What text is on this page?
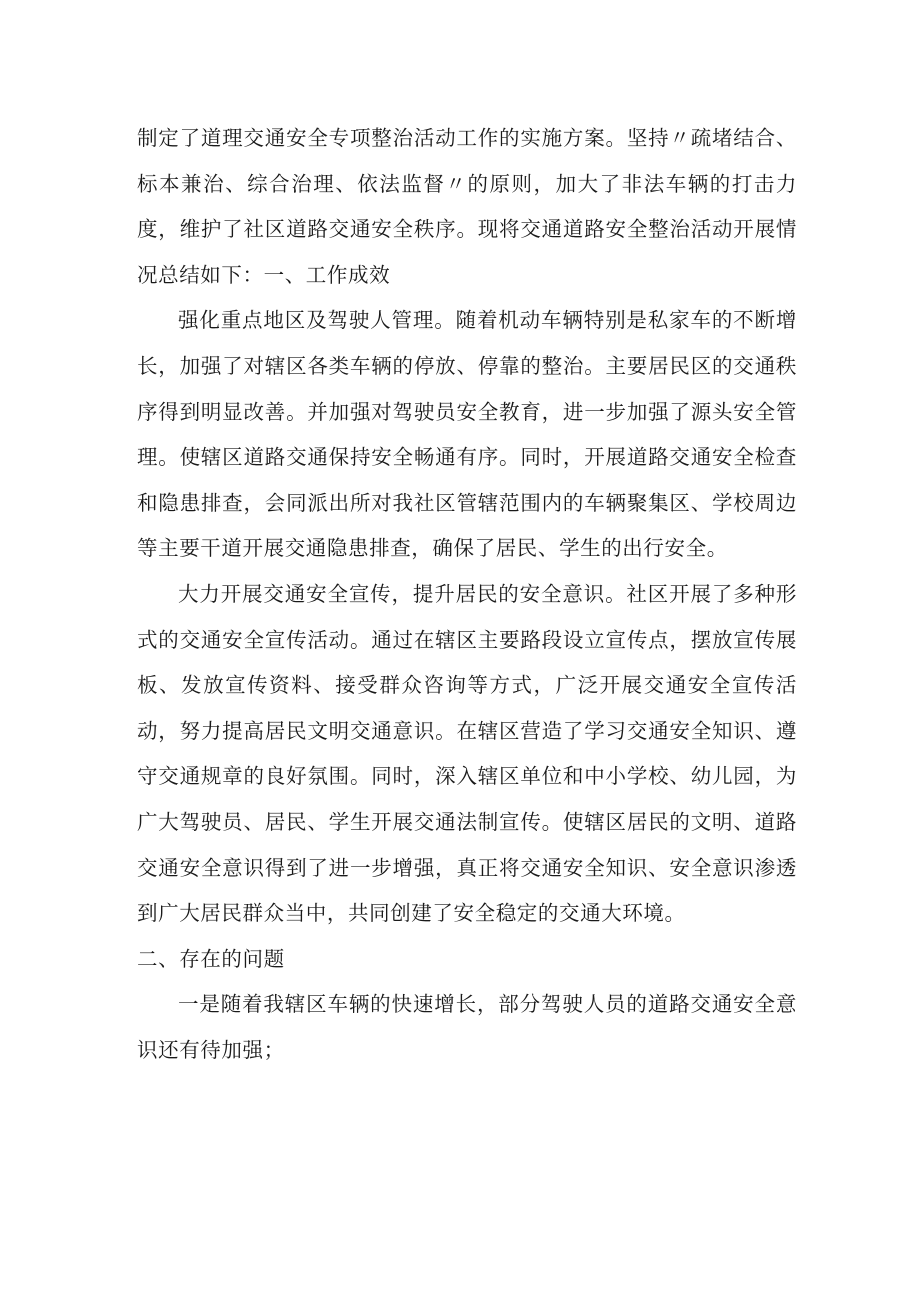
制定了道理交通安全专项整治活动工作的实施方案。坚持〃疏堵结合、标本兼治、综合治理、依法监督〃的原则，加大了非法车辆的打击力度，维护了社区道路交通安全秩序。现将交通道路安全整治活动开展情况总结如下：一、工作成效

强化重点地区及驾驶人管理。随着机动车辆特别是私家车的不断增长，加强了对辖区各类车辆的停放、停靠的整治。主要居民区的交通秩序得到明显改善。并加强对驾驶员安全教育，进一步加强了源头安全管理。使辖区道路交通保持安全畅通有序。同时，开展道路交通安全检查和隐患排查，会同派出所对我社区管辖范围内的车辆聚集区、学校周边等主要干道开展交通隐患排查，确保了居民、学生的出行安全。

大力开展交通安全宣传，提升居民的安全意识。社区开展了多种形式的交通安全宣传活动。通过在辖区主要路段设立宣传点，摆放宣传展板、发放宣传资料、接受群众咨询等方式，广泛开展交通安全宣传活动，努力提高居民文明交通意识。在辖区营造了学习交通安全知识、遵守交通规章的良好氛围。同时，深入辖区单位和中小学校、幼儿园，为广大驾驶员、居民、学生开展交通法制宣传。使辖区居民的文明、道路交通安全意识得到了进一步增强，真正将交通安全知识、安全意识渗透到广大居民群众当中，共同创建了安全稳定的交通大环境。

二、存在的问题

一是随着我辖区车辆的快速增长，部分驾驶人员的道路交通安全意识还有待加强；
